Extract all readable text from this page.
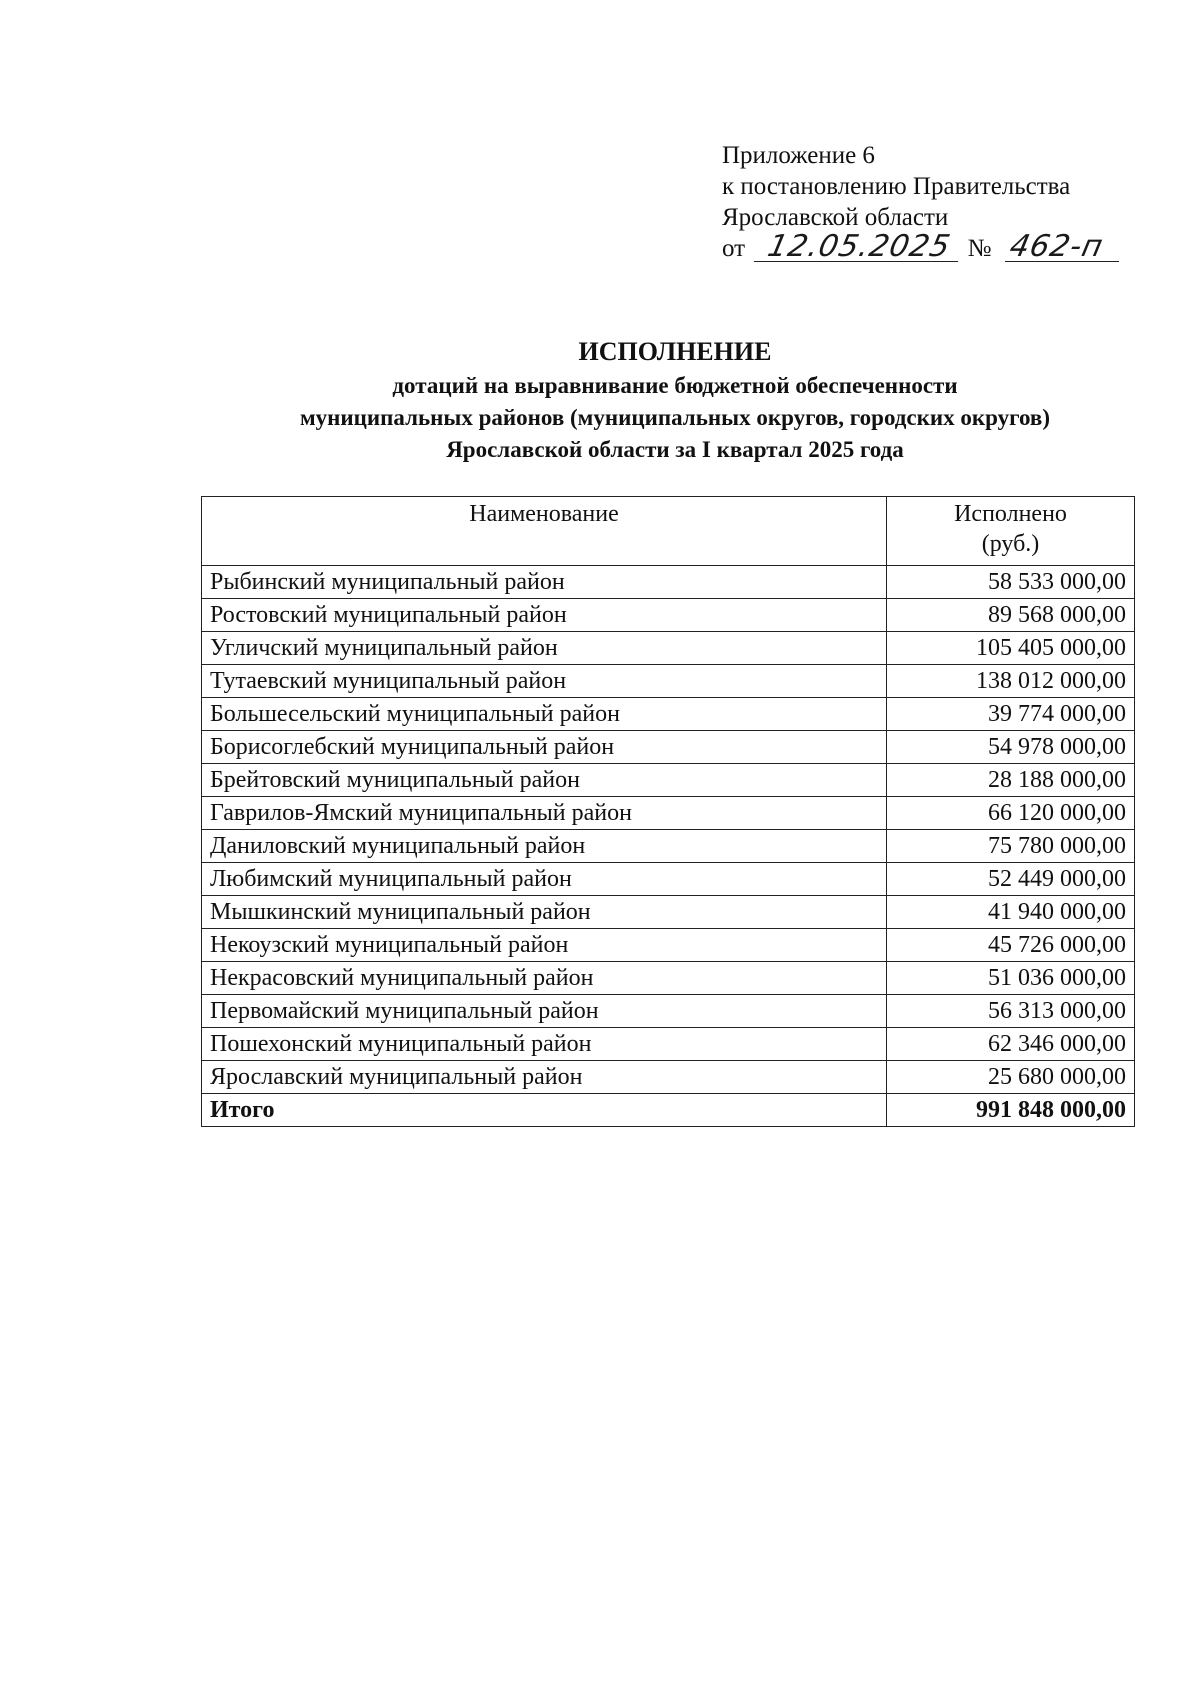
Приложение 6
к постановлению Правительства
Ярославской области
от 12.05.2025 № 462-п
ИСПОЛНЕНИЕ
дотаций на выравнивание бюджетной обеспеченности
муниципальных районов (муниципальных округов, городских округов)
Ярославской области за I квартал 2025 года
Наименование	Исполнено
(руб.)

Рыбинский муниципальный район	58 533 000,00
Ростовский муниципальный район	89 568 000,00
Угличский муниципальный район	105 405 000,00
Тутаевский муниципальный район	138 012 000,00
Большесельский муниципальный район	39 774 000,00
Борисоглебский муниципальный район	54 978 000,00
Брейтовский муниципальный район	28 188 000,00
Гаврилов-Ямский муниципальный район	66 120 000,00
Даниловский муниципальный район	75 780 000,00
Любимский муниципальный район	52 449 000,00
Мышкинский муниципальный район	41 940 000,00
Некоузский муниципальный район	45 726 000,00
Некрасовский муниципальный район	51 036 000,00
Первомайский муниципальный район	56 313 000,00
Пошехонский муниципальный район	62 346 000,00
Ярославский муниципальный район	25 680 000,00
Итого	991 848 000,00
